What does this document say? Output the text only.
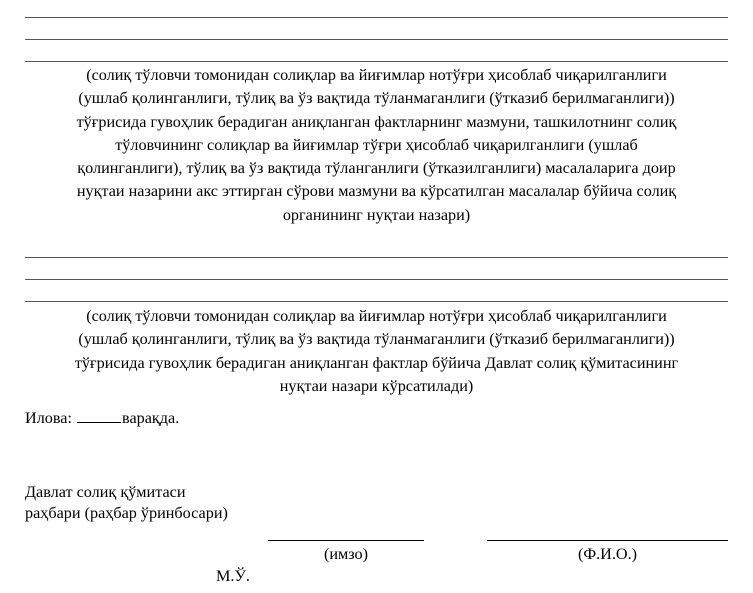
(солиқ тўловчи томонидан солиқлар ва йиғимлар нотўғри ҳисоблаб чиқарилганлиги
(ушлаб қолинганлиги, тўлиқ ва ўз вақтида тўланмаганлиги (ўтказиб берилмаганлиги))
тўғрисида гувоҳлик берадиган аниқланган фактларнинг мазмуни, ташкилотнинг солиқ
тўловчининг солиқлар ва йиғимлар тўғри ҳисоблаб чиқарилганлиги (ушлаб
қолинганлиги), тўлиқ ва ўз вақтида тўланганлиги (ўтказилганлиги) масалаларига доир
нуқтаи назарини акс эттирган сўрови мазмуни ва кўрсатилган масалалар бўйича солиқ
органининг нуқтаи назари)
(солиқ тўловчи томонидан солиқлар ва йиғимлар нотўғри ҳисоблаб чиқарилганлиги
(ушлаб қолинганлиги, тўлиқ ва ўз вақтида тўланмаганлиги (ўтказиб берилмаганлиги))
тўғрисида гувоҳлик берадиган аниқланган фактлар бўйича Давлат солиқ қўмитасининг
нуқтаи назари кўрсатилади)
Илова:	варақда.
Давлат солиқ қўмитаси
раҳбари (раҳбар ўринбосари)
(имзо)	(Ф.И.О.)
М.Ў.
